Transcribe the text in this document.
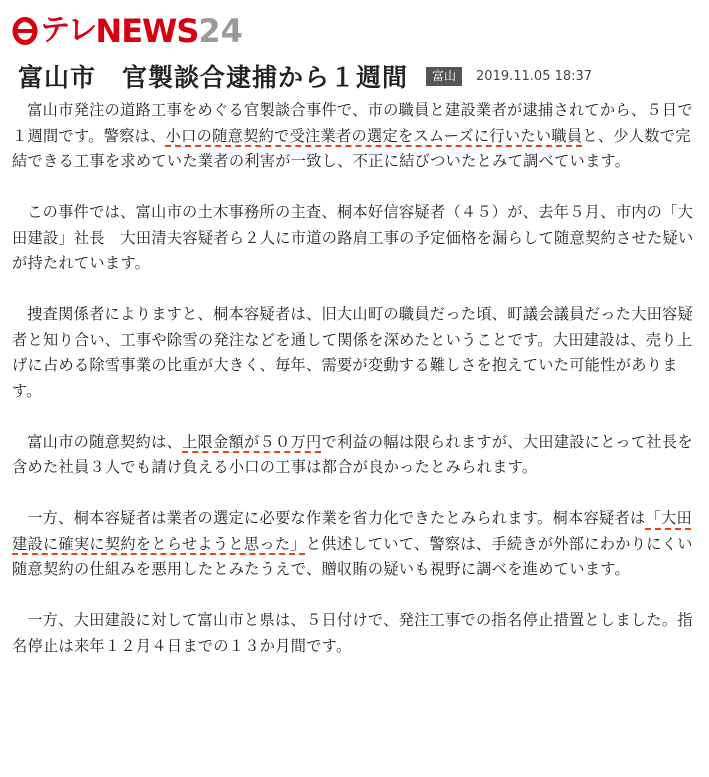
テレ NEWS 24
富山市　官製談合逮捕から１週間	富山	2019.11.05 18:37

富山市発注の道路工事をめぐる官製談合事件で、市の職員と建設業者が逮捕されてから、５日で１週間です。警察は、小口の随意契約で受注業者の選定をスムーズに行いたい職員と、少人数で完結できる工事を求めていた業者の利害が一致し、不正に結びついたとみて調べています。

この事件では、富山市の土木事務所の主査、桐本好信容疑者（４５）が、去年５月、市内の「大田建設」社長　大田清夫容疑者ら２人に市道の路肩工事の予定価格を漏らして随意契約させた疑いが持たれています。

捜査関係者によりますと、桐本容疑者は、旧大山町の職員だった頃、町議会議員だった大田容疑者と知り合い、工事や除雪の発注などを通して関係を深めたということです。大田建設は、売り上げに占める除雪事業の比重が大きく、毎年、需要が変動する難しさを抱えていた可能性があります。

富山市の随意契約は、上限金額が５０万円で利益の幅は限られますが、大田建設にとって社長を含めた社員３人でも請け負える小口の工事は都合が良かったとみられます。

一方、桐本容疑者は業者の選定に必要な作業を省力化できたとみられます。桐本容疑者は「大田建設に確実に契約をとらせようと思った」と供述していて、警察は、手続きが外部にわかりにくい随意契約の仕組みを悪用したとみたうえで、贈収賄の疑いも視野に調べを進めています。

一方、大田建設に対して富山市と県は、５日付けで、発注工事での指名停止措置としました。指名停止は来年１２月４日までの１３か月間です。
